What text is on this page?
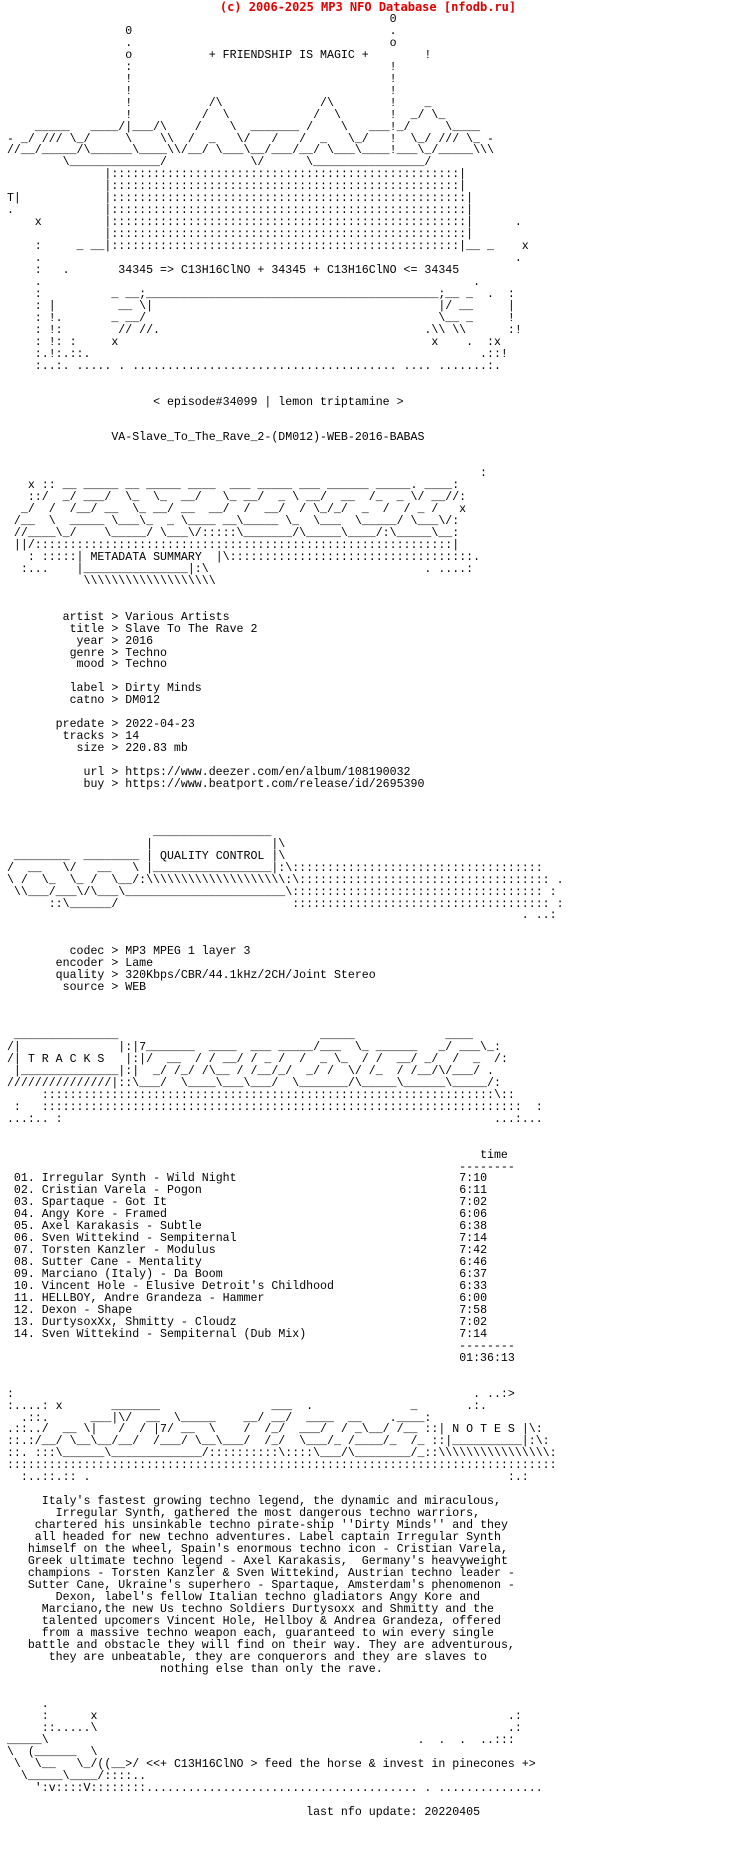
(c) 2006-2025 MP3 NFO Database [nfodb.ru]
0
0                                     .
.                                     o
o           + FRIENDSHIP IS MAGIC +        !
:                                     !
!                                     !
!                                     !
!           /\              /\        !    _
!          /  \            /  \       !  _/ \_
_____   ____/|___/\    /    \  _______ /    \   ___!_/     \____
- _/ /// \_/     \    \\  /  _   \/   /   /  _   \_/   !  \_/ /// \_ -
//__/_____/\______\____\\/__/ \___\__/___/__/ \___\____!___\_/_____\\\
\_____________/            \/      \________________/
|::::::::::::::::::::::::::::::::::::::::::::::::::|
|::::::::::::::::::::::::::::::::::::::::::::::::::|
T|            |:::::::::::::::::::::::::::::::::::::::::::::::::::|
.             |:::::::::::::::::::::::::::::::::::::::::::::::::::|
x         |:::::::::::::::::::::::::::::::::::::::::::::::::::|      .
|:::::::::::::::::::::::::::::::::::::::::::::::::::|
:     _ __|::::::::::::::::::::::::::::::::::::::::::::::::::|__ _    x
.                                                                    .
:   .       34345 => C13H16ClNO + 34345 + C13H16ClNO <= 34345
.                                                              .
:          _ __;__________________________________________;__ _  .  :
: |         __ \|                                         |/ __     |
: !.       _ __/                                          \__ _     !
: !:        // //.                                      .\\ \\      :!
: !: :     x                                             x    .  :x
:.!:.::.                                                        .::!
:..:. ..... . ...................................... .... .......:.

< episode#34099 | lemon triptamine >

VA-Slave_To_The_Rave_2-(DM012)-WEB-2016-BABAS

:
x :: __ _____ __ _____ ____  ___ _____ ___ ______ _____. ____:
::/  _/ ___/  \_  \_  __/   \_ __/  _ \ __/  __  /_  _ \/ __//:
_/  /  /__/ __  \_ __/ __  __/  /  __/  / \_/_/  _  /  / _ /   x
/__  \  _____ \___\_  _ \____ __\_____ \_  \___  \_____/ \___\/:
//____\_/    \_____/ \___\/:::::\_______/\_____\____/:\_____\__:
||/::::::::::::::::::::::::::::::::::::::::::::::::::::::::::::|
: :::::| METADATA SUMMARY  |\:::::::::::::::::::::::::::::::::::.
:...    |_______________|:\                               . ....:
\\\\\\\\\\\\\\\\\\\

artist > Various Artists
title > Slave To The Rave 2
year > 2016
genre > Techno
mood > Techno

label > Dirty Minds
catno > DM012

predate > 2022-04-23
tracks > 14
size > 220.83 mb

url > https://www.deezer.com/en/album/108190032
buy > https://www.beatport.com/release/id/2695390

_________________
|                 |\
________  ________ | QUALITY CONTROL |\
/  __   \/   __   \ |_________________|:\::::::::::::::::::::::::::::::::::::
\ /  \_  \_ /  \__/:\\\\\\\\\\\\\\\\\\\\:\:::::::::::::::::::::::::::::::::::: .
\\___/___\/\___\_______________________\:::::::::::::::::::::::::::::::::::: :
::\______/                         ::::::::::::::::::::::::::::::::::::: :
. ..:

codec > MP3 MPEG 1 layer 3
encoder > Lame
quality > 320Kbps/CBR/44.1kHz/2CH/Joint Stereo
source > WEB

_______________                             _____             ____
/|              |:|7_______  ____  ___ _____/___  \_ ______   _/ ___\_:
/| T R A C K S   |:|/  __  / / __/ / _ /  /  _ \_  / /  __/ _/  /  _  /:
|______________|:|  _/ /_/ /\__ / /__/_/  _/ /  \/ /_  / /__/\/___/ .
///////////////|::\___/  \____\___\___/  \_______/\_____\______\_____/:
:::::::::::::::::::::::::::::::::::::::::::::::::::::::::::::::::\::
:   :::::::::::::::::::::::::::::::::::::::::::::::::::::::::::::::::::::  :
...:.. :                                                              ...:...

time
--------
01. Irregular Synth - Wild Night	7:10
02. Cristian Varela - Pogon	6:11
03. Spartaque - Got It	7:02
04. Angy Kore - Framed	6:06
05. Axel Karakasis - Subtle	6:38
06. Sven Wittekind - Sempiternal	7:14
07. Torsten Kanzler - Modulus	7:42
08. Sutter Cane - Mentality	6:46
09. Marciano (Italy) - Da Boom	6:37
10. Vincent Hole - Elusive Detroit's Childhood	6:33
11. HELLBOY, Andre Grandeza - Hammer	6:00
12. Dexon - Shape	7:58
13. DurtysoxXx, Shmitty - Cloudz	7:02
14. Sven Wittekind - Sempiternal (Dub Mix)	7:14
--------
01:36:13

:                                                                  . ..:>
:....: x       _______                ___  .              _       .:.
.::.      ___|\/  __  \_____    __/ __/  ____  __    .____:
.::../  __ \|   /  / |7/ __  \    /  /_/  ___/  / _\__/ /__ ::| N O T E S |\:
::.:/__/ \__\__/__/  /___/ \__\___/  /_/  \___/_ /____/_  /_ ::|__________|:\:
::. :::\______\_____________/::::::::::\::::\___/\________/_::\\\\\\\\\\\\\\\\:
:::::::::::::::::::::::::::::::::::::::::::::::::::::::::::::::::::::::::::::::
:..::.:: .                                                            :.:

Italy's fastest growing techno legend, the dynamic and miraculous,
Irregular Synth, gathered the most dangerous techno warriors,
chartered his unsinkable techno pirate-ship ''Dirty Minds'' and they
all headed for new techno adventures. Label captain Irregular Synth
himself on the wheel, Spain's enormous techno icon - Cristian Varela,
Greek ultimate techno legend - Axel Karakasis,  Germany's heavyweight
champions - Torsten Kanzler & Sven Wittekind, Austrian techno leader -
Sutter Cane, Ukraine's superhero - Spartaque, Amsterdam's phenomenon -
Dexon, label's fellow Italian techno gladiators Angy Kore and
Marciano,the new Us techno Soldiers Durtysoxx and Shmitty and the
talented upcomers Vincent Hole, Hellboy & Andrea Grandeza, offered
from a massive techno weapon each, guaranteed to win every single
battle and obstacle they will find on their way. They are adventurous,
they are unbeatable, they are conquerors and they are slaves to
nothing else than only the rave.

.
:      x                                                           .:
::.....\                                                           .:
_____\                                                     .  .  .  ..:::
\  (______  \
\  \__   \_/((__>/ <<+ C13H16ClNO > feed the horse & invest in pinecones +>
\_____\____/::::..
':v::::V::::::::....................................... . ...............

last nfo update: 20220405
